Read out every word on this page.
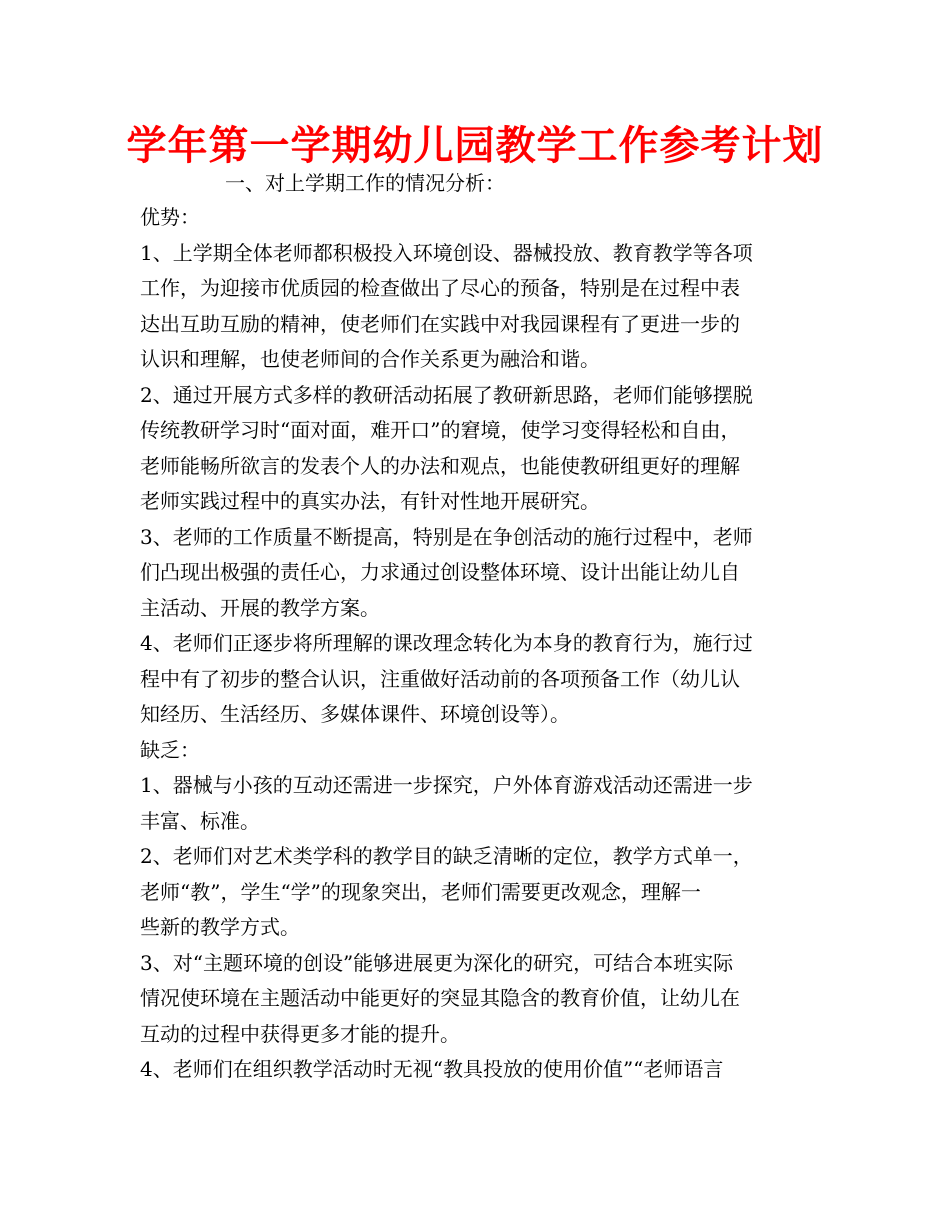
学年第一学期幼儿园教学工作参考计划

一、对上学期工作的情况分析：

优势：

1、上学期全体老师都积极投入环境创设、器械投放、教育教学等各项

工作，为迎接市优质园的检查做出了尽心的预备，特别是在过程中表

达出互助互励的精神，使老师们在实践中对我园课程有了更进一步的

认识和理解，也使老师间的合作关系更为融洽和谐。

2、通过开展方式多样的教研活动拓展了教研新思路，老师们能够摆脱

传统教研学习时“面对面，难开口”的窘境，使学习变得轻松和自由，

老师能畅所欲言的发表个人的办法和观点，也能使教研组更好的理解

老师实践过程中的真实办法，有针对性地开展研究。

3、老师的工作质量不断提高，特别是在争创活动的施行过程中，老师

们凸现出极强的责任心，力求通过创设整体环境、设计出能让幼儿自

主活动、开展的教学方案。

4、老师们正逐步将所理解的课改理念转化为本身的教育行为，施行过

程中有了初步的整合认识，注重做好活动前的各项预备工作（幼儿认

知经历、生活经历、多媒体课件、环境创设等）。

缺乏：

1、器械与小孩的互动还需进一步探究，户外体育游戏活动还需进一步

丰富、标准。

2、老师们对艺术类学科的教学目的缺乏清晰的定位，教学方式单一，

老师“教”，学生“学”的现象突出，老师们需要更改观念，理解一

些新的教学方式。

3、对“主题环境的创设”能够进展更为深化的研究，可结合本班实际

情况使环境在主题活动中能更好的突显其隐含的教育价值，让幼儿在

互动的过程中获得更多才能的提升。

4、老师们在组织教学活动时无视“教具投放的使用价值”“老师语言
